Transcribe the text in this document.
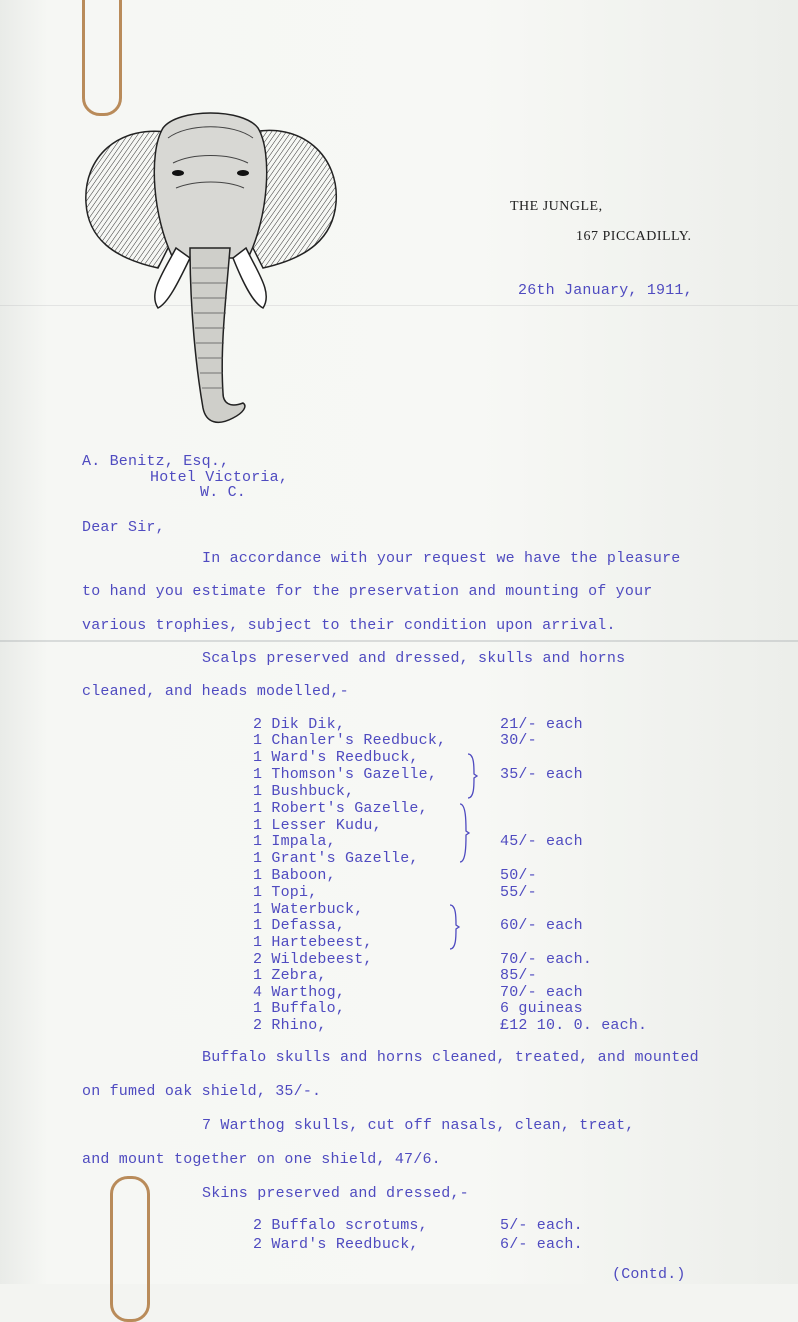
THE JUNGLE,
167 PICCADILLY.
26th January, 1911,
A. Benitz, Esq.,
Hotel Victoria,
W. C.
Dear Sir,
In accordance with your request we have the pleasure
to hand you estimate for the preservation and mounting of your
various trophies, subject to their condition upon arrival.
Scalps preserved and dressed, skulls and horns
cleaned, and heads modelled,-
2 Dik Dik,	21/- each
1 Chanler's Reedbuck,	30/-
1 Ward's Reedbuck,
1 Thomson's Gazelle,	35/- each
1 Bushbuck,
1 Robert's Gazelle,
1 Lesser Kudu,
1 Impala,	45/- each
1 Grant's Gazelle,
1 Baboon,	50/-
1 Topi,	55/-
1 Waterbuck,
1 Defassa,	60/- each
1 Hartebeest,
2 Wildebeest,	70/- each.
1 Zebra,	85/-
4 Warthog,	70/- each
1 Buffalo,	6 guineas
2 Rhino,	£12 10. 0. each.
Buffalo skulls and horns cleaned, treated, and mounted
on fumed oak shield, 35/-.
7 Warthog skulls, cut off nasals, clean, treat,
and mount together on one shield, 47/6.
Skins preserved and dressed,-
2 Buffalo scrotums,	5/- each.
2 Ward's Reedbuck,	6/- each.
(Contd.)
